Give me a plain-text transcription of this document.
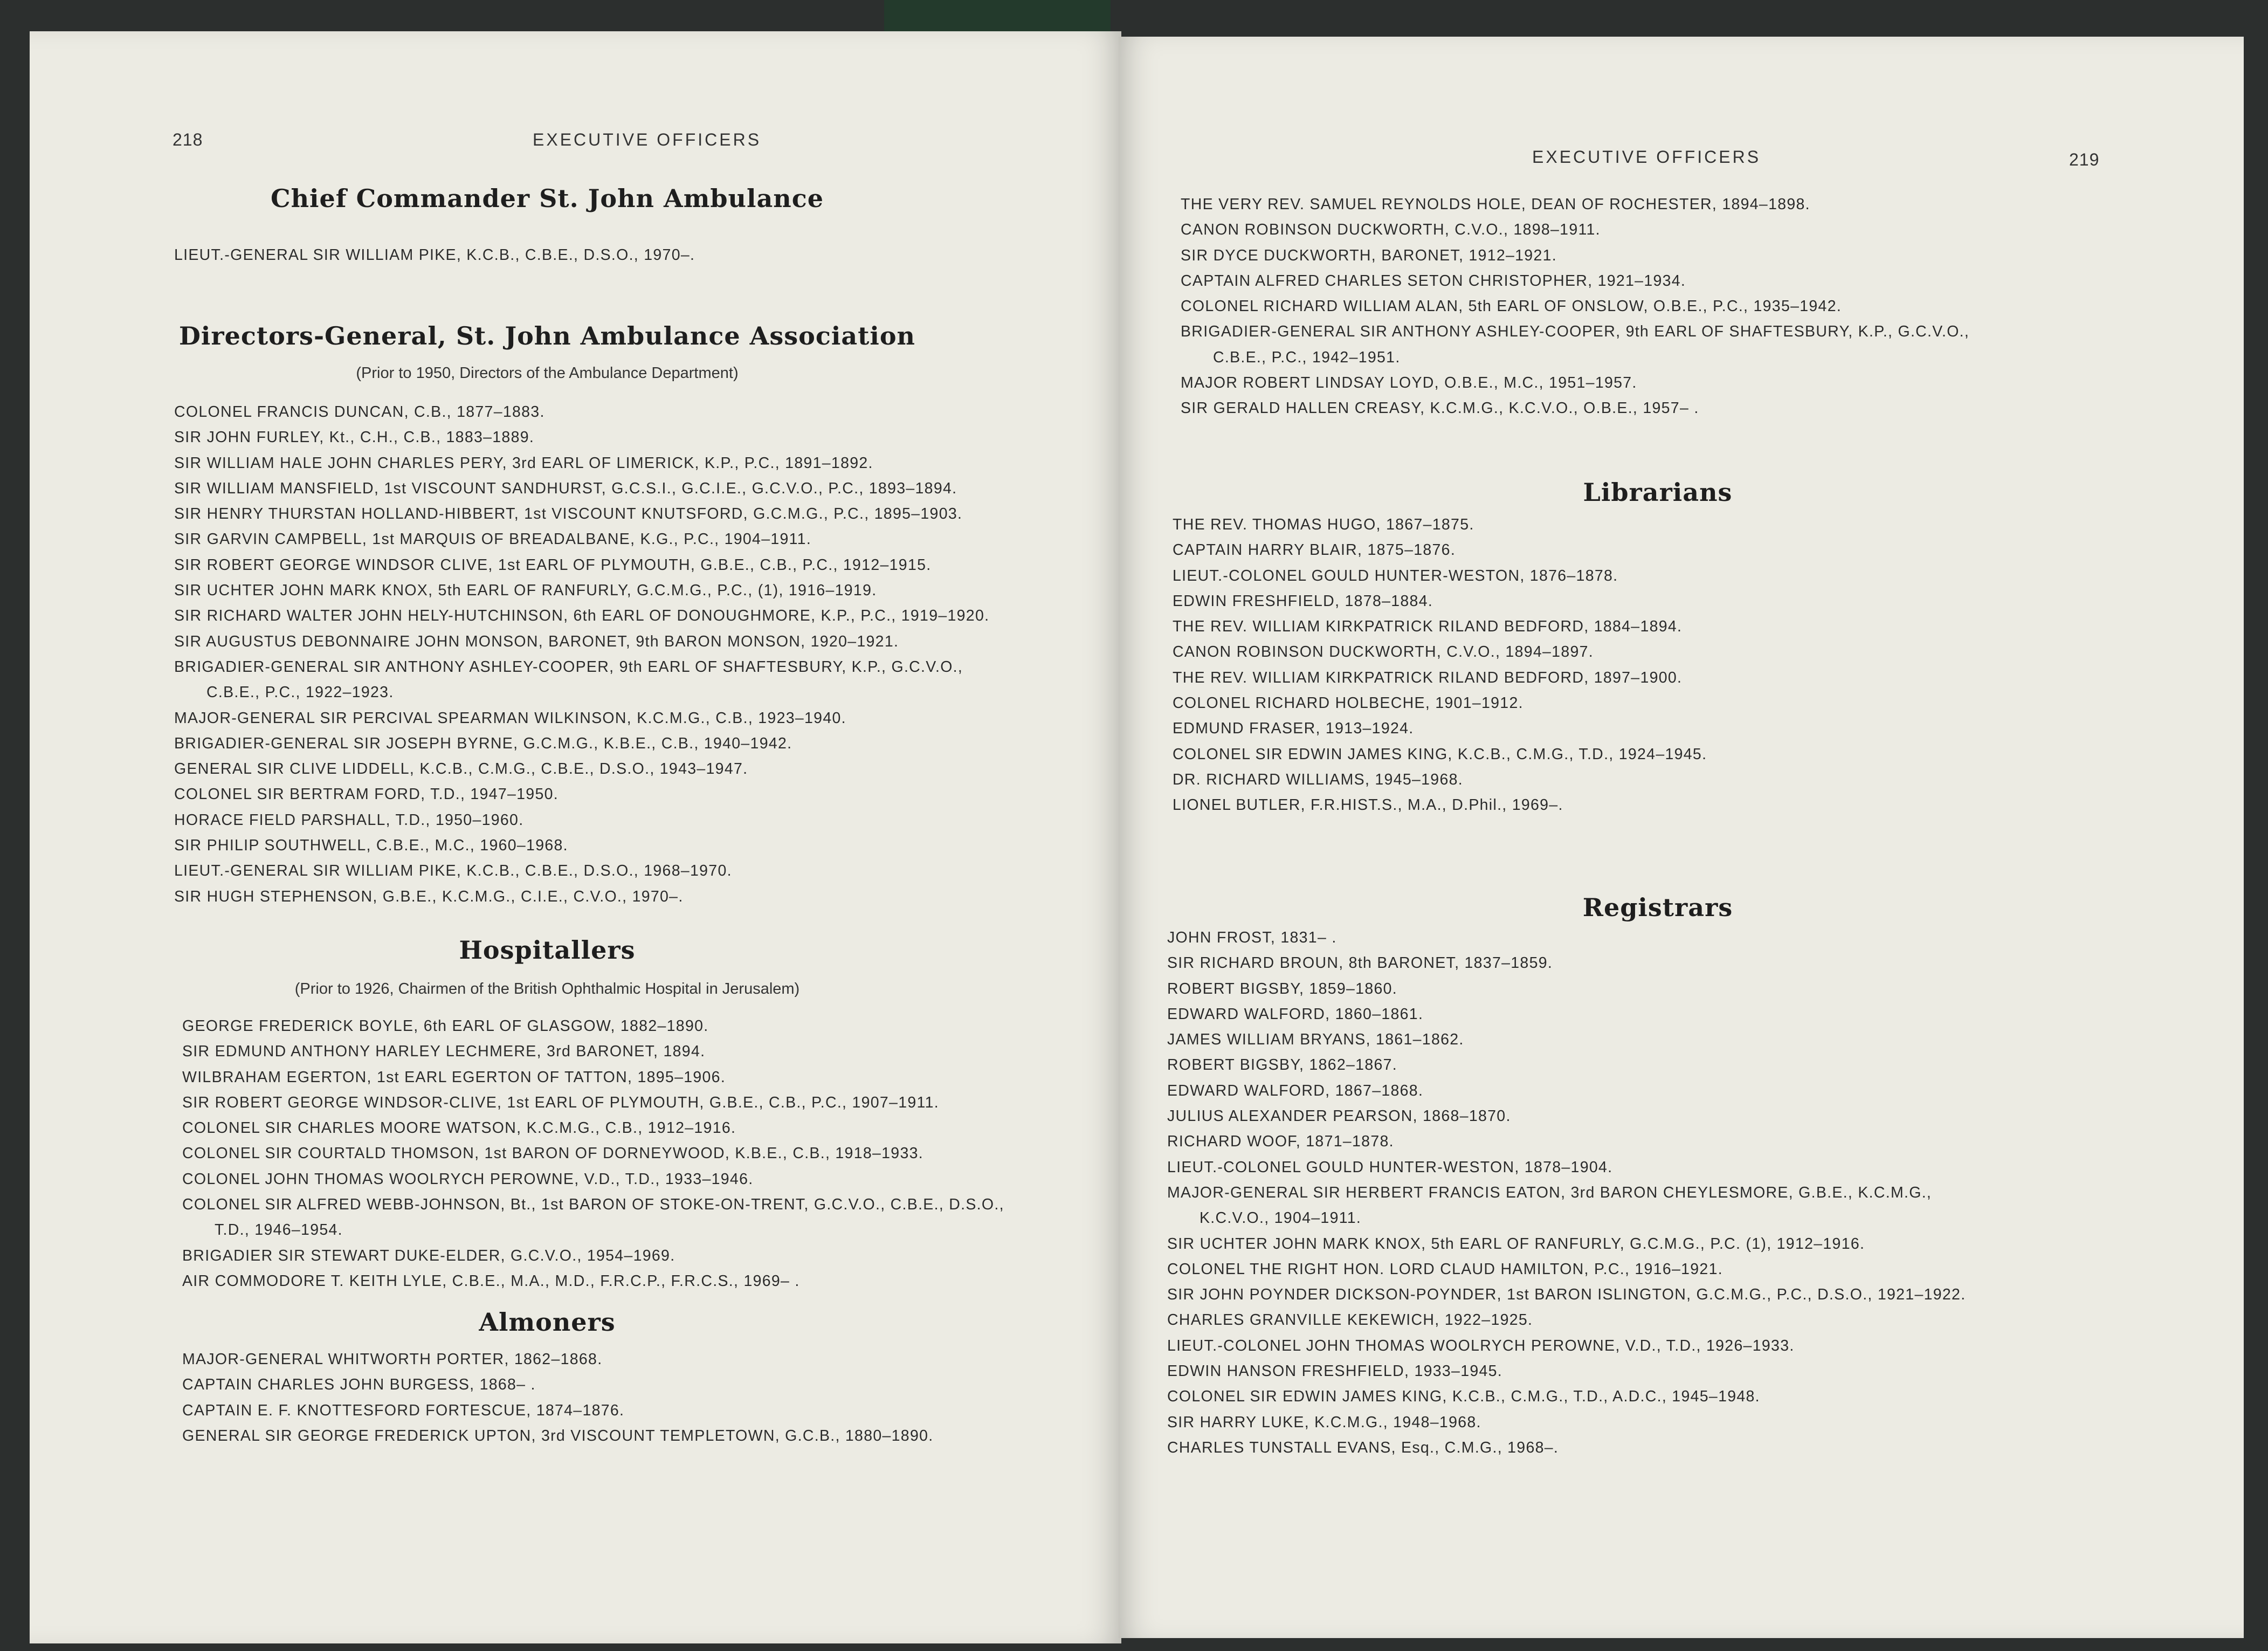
218	EXECUTIVE OFFICERS
Chief Commander St. John Ambulance
LIEUT.-GENERAL SIR WILLIAM PIKE, K.C.B., C.B.E., D.S.O., 1970–.
Directors-General, St. John Ambulance Association
(Prior to 1950, Directors of the Ambulance Department)
COLONEL FRANCIS DUNCAN, C.B., 1877–1883.
SIR JOHN FURLEY, Kt., C.H., C.B., 1883–1889.
SIR WILLIAM HALE JOHN CHARLES PERY, 3rd EARL OF LIMERICK, K.P., P.C., 1891–1892.
SIR WILLIAM MANSFIELD, 1st VISCOUNT SANDHURST, G.C.S.I., G.C.I.E., G.C.V.O., P.C., 1893–1894.
SIR HENRY THURSTAN HOLLAND-HIBBERT, 1st VISCOUNT KNUTSFORD, G.C.M.G., P.C., 1895–1903.
SIR GARVIN CAMPBELL, 1st MARQUIS OF BREADALBANE, K.G., P.C., 1904–1911.
SIR ROBERT GEORGE WINDSOR CLIVE, 1st EARL OF PLYMOUTH, G.B.E., C.B., P.C., 1912–1915.
SIR UCHTER JOHN MARK KNOX, 5th EARL OF RANFURLY, G.C.M.G., P.C., (1), 1916–1919.
SIR RICHARD WALTER JOHN HELY-HUTCHINSON, 6th EARL OF DONOUGHMORE, K.P., P.C., 1919–1920.
SIR AUGUSTUS DEBONNAIRE JOHN MONSON, BARONET, 9th BARON MONSON, 1920–1921.
BRIGADIER-GENERAL SIR ANTHONY ASHLEY-COOPER, 9th EARL OF SHAFTESBURY, K.P., G.C.V.O.,
C.B.E., P.C., 1922–1923.
MAJOR-GENERAL SIR PERCIVAL SPEARMAN WILKINSON, K.C.M.G., C.B., 1923–1940.
BRIGADIER-GENERAL SIR JOSEPH BYRNE, G.C.M.G., K.B.E., C.B., 1940–1942.
GENERAL SIR CLIVE LIDDELL, K.C.B., C.M.G., C.B.E., D.S.O., 1943–1947.
COLONEL SIR BERTRAM FORD, T.D., 1947–1950.
HORACE FIELD PARSHALL, T.D., 1950–1960.
SIR PHILIP SOUTHWELL, C.B.E., M.C., 1960–1968.
LIEUT.-GENERAL SIR WILLIAM PIKE, K.C.B., C.B.E., D.S.O., 1968–1970.
SIR HUGH STEPHENSON, G.B.E., K.C.M.G., C.I.E., C.V.O., 1970–.
Hospitallers
(Prior to 1926, Chairmen of the British Ophthalmic Hospital in Jerusalem)
GEORGE FREDERICK BOYLE, 6th EARL OF GLASGOW, 1882–1890.
SIR EDMUND ANTHONY HARLEY LECHMERE, 3rd BARONET, 1894.
WILBRAHAM EGERTON, 1st EARL EGERTON OF TATTON, 1895–1906.
SIR ROBERT GEORGE WINDSOR-CLIVE, 1st EARL OF PLYMOUTH, G.B.E., C.B., P.C., 1907–1911.
COLONEL SIR CHARLES MOORE WATSON, K.C.M.G., C.B., 1912–1916.
COLONEL SIR COURTALD THOMSON, 1st BARON OF DORNEYWOOD, K.B.E., C.B., 1918–1933.
COLONEL JOHN THOMAS WOOLRYCH PEROWNE, V.D., T.D., 1933–1946.
COLONEL SIR ALFRED WEBB-JOHNSON, Bt., 1st BARON OF STOKE-ON-TRENT, G.C.V.O., C.B.E., D.S.O.,
T.D., 1946–1954.
BRIGADIER SIR STEWART DUKE-ELDER, G.C.V.O., 1954–1969.
AIR COMMODORE T. KEITH LYLE, C.B.E., M.A., M.D., F.R.C.P., F.R.C.S., 1969– .
Almoners
MAJOR-GENERAL WHITWORTH PORTER, 1862–1868.
CAPTAIN CHARLES JOHN BURGESS, 1868– .
CAPTAIN E. F. KNOTTESFORD FORTESCUE, 1874–1876.
GENERAL SIR GEORGE FREDERICK UPTON, 3rd VISCOUNT TEMPLETOWN, G.C.B., 1880–1890.
EXECUTIVE OFFICERS	219
THE VERY REV. SAMUEL REYNOLDS HOLE, DEAN OF ROCHESTER, 1894–1898.
CANON ROBINSON DUCKWORTH, C.V.O., 1898–1911.
SIR DYCE DUCKWORTH, BARONET, 1912–1921.
CAPTAIN ALFRED CHARLES SETON CHRISTOPHER, 1921–1934.
COLONEL RICHARD WILLIAM ALAN, 5th EARL OF ONSLOW, O.B.E., P.C., 1935–1942.
BRIGADIER-GENERAL SIR ANTHONY ASHLEY-COOPER, 9th EARL OF SHAFTESBURY, K.P., G.C.V.O.,
C.B.E., P.C., 1942–1951.
MAJOR ROBERT LINDSAY LOYD, O.B.E., M.C., 1951–1957.
SIR GERALD HALLEN CREASY, K.C.M.G., K.C.V.O., O.B.E., 1957– .
Librarians
THE REV. THOMAS HUGO, 1867–1875.
CAPTAIN HARRY BLAIR, 1875–1876.
LIEUT.-COLONEL GOULD HUNTER-WESTON, 1876–1878.
EDWIN FRESHFIELD, 1878–1884.
THE REV. WILLIAM KIRKPATRICK RILAND BEDFORD, 1884–1894.
CANON ROBINSON DUCKWORTH, C.V.O., 1894–1897.
THE REV. WILLIAM KIRKPATRICK RILAND BEDFORD, 1897–1900.
COLONEL RICHARD HOLBECHE, 1901–1912.
EDMUND FRASER, 1913–1924.
COLONEL SIR EDWIN JAMES KING, K.C.B., C.M.G., T.D., 1924–1945.
DR. RICHARD WILLIAMS, 1945–1968.
LIONEL BUTLER, F.R.HIST.S., M.A., D.Phil., 1969–.
Registrars
JOHN FROST, 1831– .
SIR RICHARD BROUN, 8th BARONET, 1837–1859.
ROBERT BIGSBY, 1859–1860.
EDWARD WALFORD, 1860–1861.
JAMES WILLIAM BRYANS, 1861–1862.
ROBERT BIGSBY, 1862–1867.
EDWARD WALFORD, 1867–1868.
JULIUS ALEXANDER PEARSON, 1868–1870.
RICHARD WOOF, 1871–1878.
LIEUT.-COLONEL GOULD HUNTER-WESTON, 1878–1904.
MAJOR-GENERAL SIR HERBERT FRANCIS EATON, 3rd BARON CHEYLESMORE, G.B.E., K.C.M.G.,
K.C.V.O., 1904–1911.
SIR UCHTER JOHN MARK KNOX, 5th EARL OF RANFURLY, G.C.M.G., P.C. (1), 1912–1916.
COLONEL THE RIGHT HON. LORD CLAUD HAMILTON, P.C., 1916–1921.
SIR JOHN POYNDER DICKSON-POYNDER, 1st BARON ISLINGTON, G.C.M.G., P.C., D.S.O., 1921–1922.
CHARLES GRANVILLE KEKEWICH, 1922–1925.
LIEUT.-COLONEL JOHN THOMAS WOOLRYCH PEROWNE, V.D., T.D., 1926–1933.
EDWIN HANSON FRESHFIELD, 1933–1945.
COLONEL SIR EDWIN JAMES KING, K.C.B., C.M.G., T.D., A.D.C., 1945–1948.
SIR HARRY LUKE, K.C.M.G., 1948–1968.
CHARLES TUNSTALL EVANS, Esq., C.M.G., 1968–.
